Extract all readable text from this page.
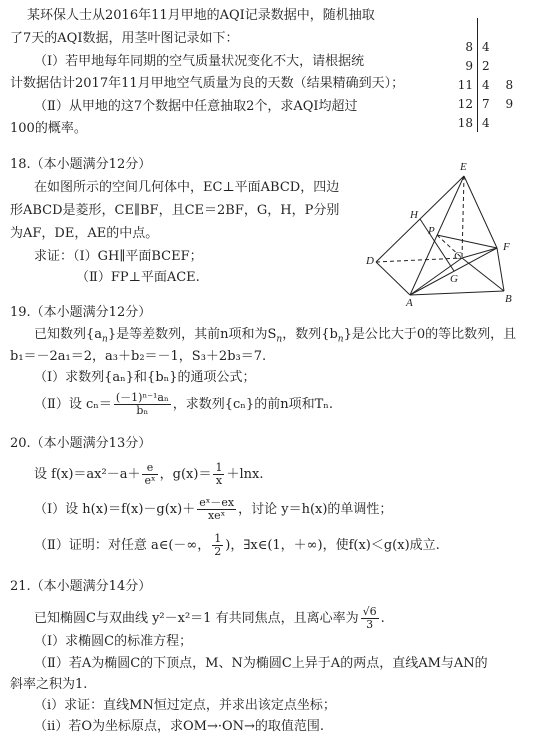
某环保人士从2016年11月甲地的AQI记录数据中，随机抽取
了7天的AQI数据，用茎叶图记录如下：
（Ⅰ）若甲地每年同期的空气质量状况变化不大，请根据统
计数据估计2017年11月甲地空气质量为良的天数（结果精确到天）；
（Ⅱ）从甲地的这7个数据中任意抽取2个，求AQI均超过
100的概率。

8	4
9	2
11	4 8
12	7 9
18	4
18.（本小题满分12分）
在如图所示的空间几何体中，EC⊥平面ABCD，四边
形ABCD是菱形，CE∥BF，且CE＝2BF，G，H，P分别
为AF，DE，AE的中点。
求证：（Ⅰ）GH∥平面BCEF；
（Ⅱ）FP⊥平面ACE.
E
H
P
C
D
F
G
A	B
19.（本小题满分12分）
已知数列$\{a_n\}$是等差数列，其前n项和为$S_n$，数列$\{b_n\}$是公比大于0的等比数列，且
b₁＝－2a₁＝2，a₃＋b₂＝－1，S₃＋2b₃＝7.
（Ⅰ）求数列{aₙ}和{bₙ}的通项公式；
（Ⅱ）设 $c_n= \frac{\text{(－1)ⁿ⁻¹aₙ}}{\text{bₙ}}$ ，求数列{cₙ}的前n项和Tₙ.
20.（本小题满分13分）
设 $f(x)=ax^2-a+ \frac{e}{\text{eˣ}}$ ，$g(x)= \frac{1}{x} +\ln x$.
（Ⅰ）设 $h(x)=f(x)-g(x)+ \frac{\text{eˣ－ex}}{\text{xeˣ}}$ ，讨论 y＝h(x)的单调性；
（Ⅱ）证明：对任意 a∈(－∞， $\frac{1}{2}$ )，∃x∈(1，＋∞)，使f(x)＜g(x)成立.
21.（本小题满分14分）
已知椭圆C与双曲线 y²－x²＝1 有共同焦点，且离心率为 $\frac{√6}{3}$ .
（Ⅰ）求椭圆C的标准方程；
（Ⅱ）若A为椭圆C的下顶点，M、N为椭圆C上异于A的两点，直线AM与AN的
斜率之积为1.
（ⅰ）求证：直线MN恒过定点，并求出该定点坐标；
（ⅱ）若O为坐标原点，求OM→·ON→的取值范围.
